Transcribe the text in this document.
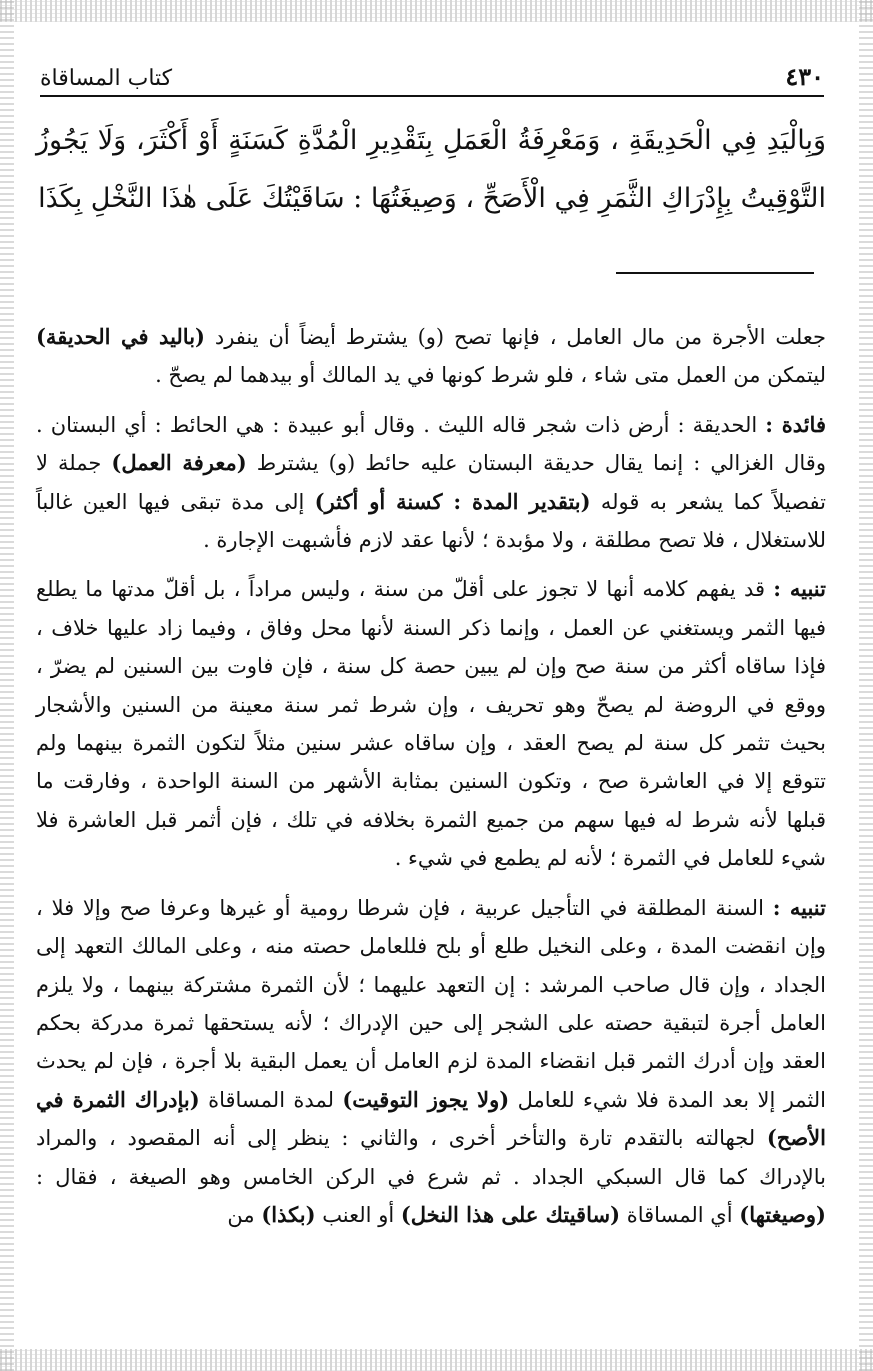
٤٣٠
كتاب المساقاة
وَبِالْيَدِ فِي الْحَدِيقَةِ ، وَمَعْرِفَةُ الْعَمَلِ بِتَقْدِيرِ الْمُدَّةِ كَسَنَةٍ أَوْ أَكْثَرَ، وَلَا يَجُوزُ التَّوْقِيتُ بِإِدْرَاكِ الثَّمَرِ فِي الْأَصَحِّ ، وَصِيغَتُهَا : سَاقَيْتُكَ عَلَى هٰذَا النَّخْلِ بِكَذَا

جعلت الأجرة من مال العامل ، فإنها تصح (و) يشترط أيضاً أن ينفرد (باليد في الحديقة) ليتمكن من العمل متى شاء ، فلو شرط كونها في يد المالك أو بيدهما لم يصحّ .

فائدة : الحديقة : أرض ذات شجر قاله الليث . وقال أبو عبيدة : هي الحائط : أي البستان . وقال الغزالي : إنما يقال حديقة البستان عليه حائط (و) يشترط (معرفة العمل) جملة لا تفصيلاً كما يشعر به قوله (بتقدير المدة : كسنة أو أكثر) إلى مدة تبقى فيها العين غالباً للاستغلال ، فلا تصح مطلقة ، ولا مؤبدة ؛ لأنها عقد لازم فأشبهت الإجارة .

تنبيه : قد يفهم كلامه أنها لا تجوز على أقلّ من سنة ، وليس مراداً ، بل أقلّ مدتها ما يطلع فيها الثمر ويستغني عن العمل ، وإنما ذكر السنة لأنها محل وفاق ، وفيما زاد عليها خلاف ، فإذا ساقاه أكثر من سنة صح وإن لم يبين حصة كل سنة ، فإن فاوت بين السنين لم يضرّ ، ووقع في الروضة لم يصحّ وهو تحريف ، وإن شرط ثمر سنة معينة من السنين والأشجار بحيث تثمر كل سنة لم يصح العقد ، وإن ساقاه عشر سنين مثلاً لتكون الثمرة بينهما ولم تتوقع إلا في العاشرة صح ، وتكون السنين بمثابة الأشهر من السنة الواحدة ، وفارقت ما قبلها لأنه شرط له فيها سهم من جميع الثمرة بخلافه في تلك ، فإن أثمر قبل العاشرة فلا شيء للعامل في الثمرة ؛ لأنه لم يطمع في شيء .

تنبيه : السنة المطلقة في التأجيل عربية ، فإن شرطا رومية أو غيرها وعرفا صح وإلا فلا ، وإن انقضت المدة ، وعلى النخيل طلع أو بلح فللعامل حصته منه ، وعلى المالك التعهد إلى الجداد ، وإن قال صاحب المرشد : إن التعهد عليهما ؛ لأن الثمرة مشتركة بينهما ، ولا يلزم العامل أجرة لتبقية حصته على الشجر إلى حين الإدراك ؛ لأنه يستحقها ثمرة مدركة بحكم العقد وإن أدرك الثمر قبل انقضاء المدة لزم العامل أن يعمل البقية بلا أجرة ، فإن لم يحدث الثمر إلا بعد المدة فلا شيء للعامل (ولا يجوز التوقيت) لمدة المساقاة (بإدراك الثمرة في الأصح) لجهالته بالتقدم تارة والتأخر أخرى ، والثاني : ينظر إلى أنه المقصود ، والمراد بالإدراك كما قال السبكي الجداد . ثم شرع في الركن الخامس وهو الصيغة ، فقال : (وصيغتها) أي المساقاة (ساقيتك على هذا النخل) أو العنب (بكذا) من
